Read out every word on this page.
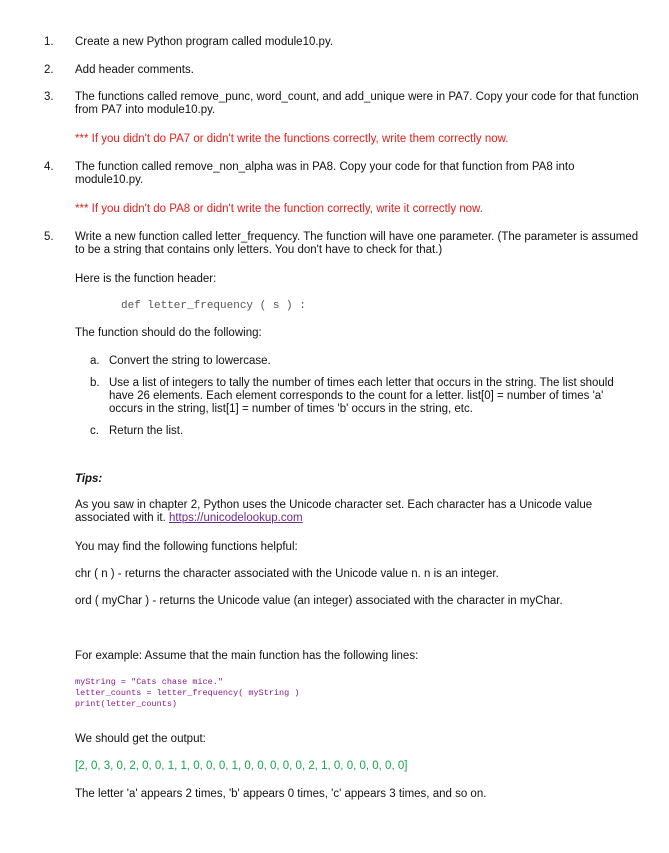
1.	Create a new Python program called module10.py.
2.	Add header comments.
3.	The functions called remove_punc, word_count, and add_unique were in PA7. Copy your code for that function from PA7 into module10.py.
*** If you didn't do PA7 or didn't write the functions correctly, write them correctly now.
4.	The function called remove_non_alpha was in PA8. Copy your code for that function from PA8 into module10.py.
*** If you didn't do PA8 or didn't write the function correctly, write it correctly now.
5.	Write a new function called letter_frequency. The function will have one parameter. (The parameter is assumed to be a string that contains only letters. You don't have to check for that.)
Here is the function header:
def letter_frequency ( s ) :
The function should do the following:
a. Convert the string to lowercase.
b. Use a list of integers to tally the number of times each letter that occurs in the string. The list should have 26 elements. Each element corresponds to the count for a letter. list[0] = number of times 'a' occurs in the string, list[1] = number of times 'b' occurs in the string, etc.
c. Return the list.
Tips:
As you saw in chapter 2, Python uses the Unicode character set. Each character has a Unicode value associated with it. https://unicodelookup.com
You may find the following functions helpful:
chr ( n ) - returns the character associated with the Unicode value n. n is an integer.
ord ( myChar ) - returns the Unicode value (an integer) associated with the character in myChar.
For example: Assume that the main function has the following lines:
myString = "Cats chase mice."
letter_counts = letter_frequency( myString )
print(letter_counts)
We should get the output:
[2, 0, 3, 0, 2, 0, 0, 1, 1, 0, 0, 0, 1, 0, 0, 0, 0, 0, 2, 1, 0, 0, 0, 0, 0, 0]
The letter 'a' appears 2 times, 'b' appears 0 times, 'c' appears 3 times, and so on.
